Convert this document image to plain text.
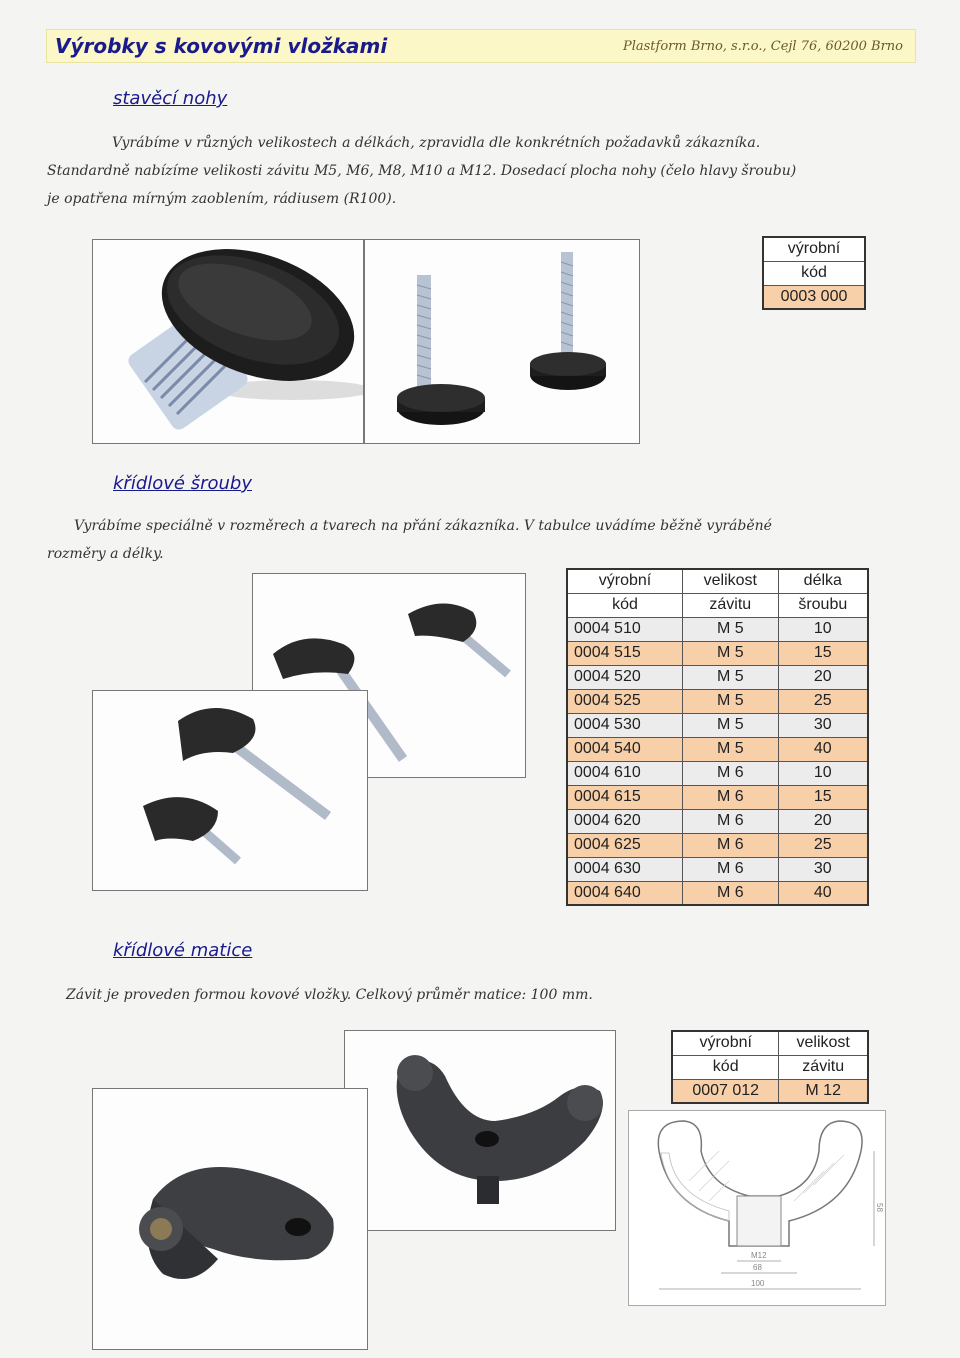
Výrobky s kovovými vložkami	Plastform Brno, s.r.o., Cejl 76, 60200 Brno
stavěcí nohy
Vyrábíme v různých velikostech a délkách, zpravidla dle konkrétních požadavků zákazníka.
Standardně nabízíme velikosti závitu M5, M6, M8, M10 a M12. Dosedací plocha nohy (čelo hlavy šroubu)
je opatřena mírným zaoblením, rádiusem (R100).
výrobní
kód
0003 000
křídlové šrouby
Vyrábíme speciálně v rozměrech a tvarech na přání zákazníka. V tabulce uvádíme běžně vyráběné
rozměry a délky.
výrobní	velikost	délka
kód	závitu	šroubu
0004 510	M 5	10
0004 515	M 5	15
0004 520	M 5	20
0004 525	M 5	25
0004 530	M 5	30
0004 540	M 5	40
0004 610	M 6	10
0004 615	M 6	15
0004 620	M 6	20
0004 625	M 6	25
0004 630	M 6	30
0004 640	M 6	40
křídlové matice
Závit je proveden formou kovové vložky. Celkový průměr matice: 100 mm.
výrobní	velikost
kód	závitu
0007 012	M 12
M12
68
100
58
